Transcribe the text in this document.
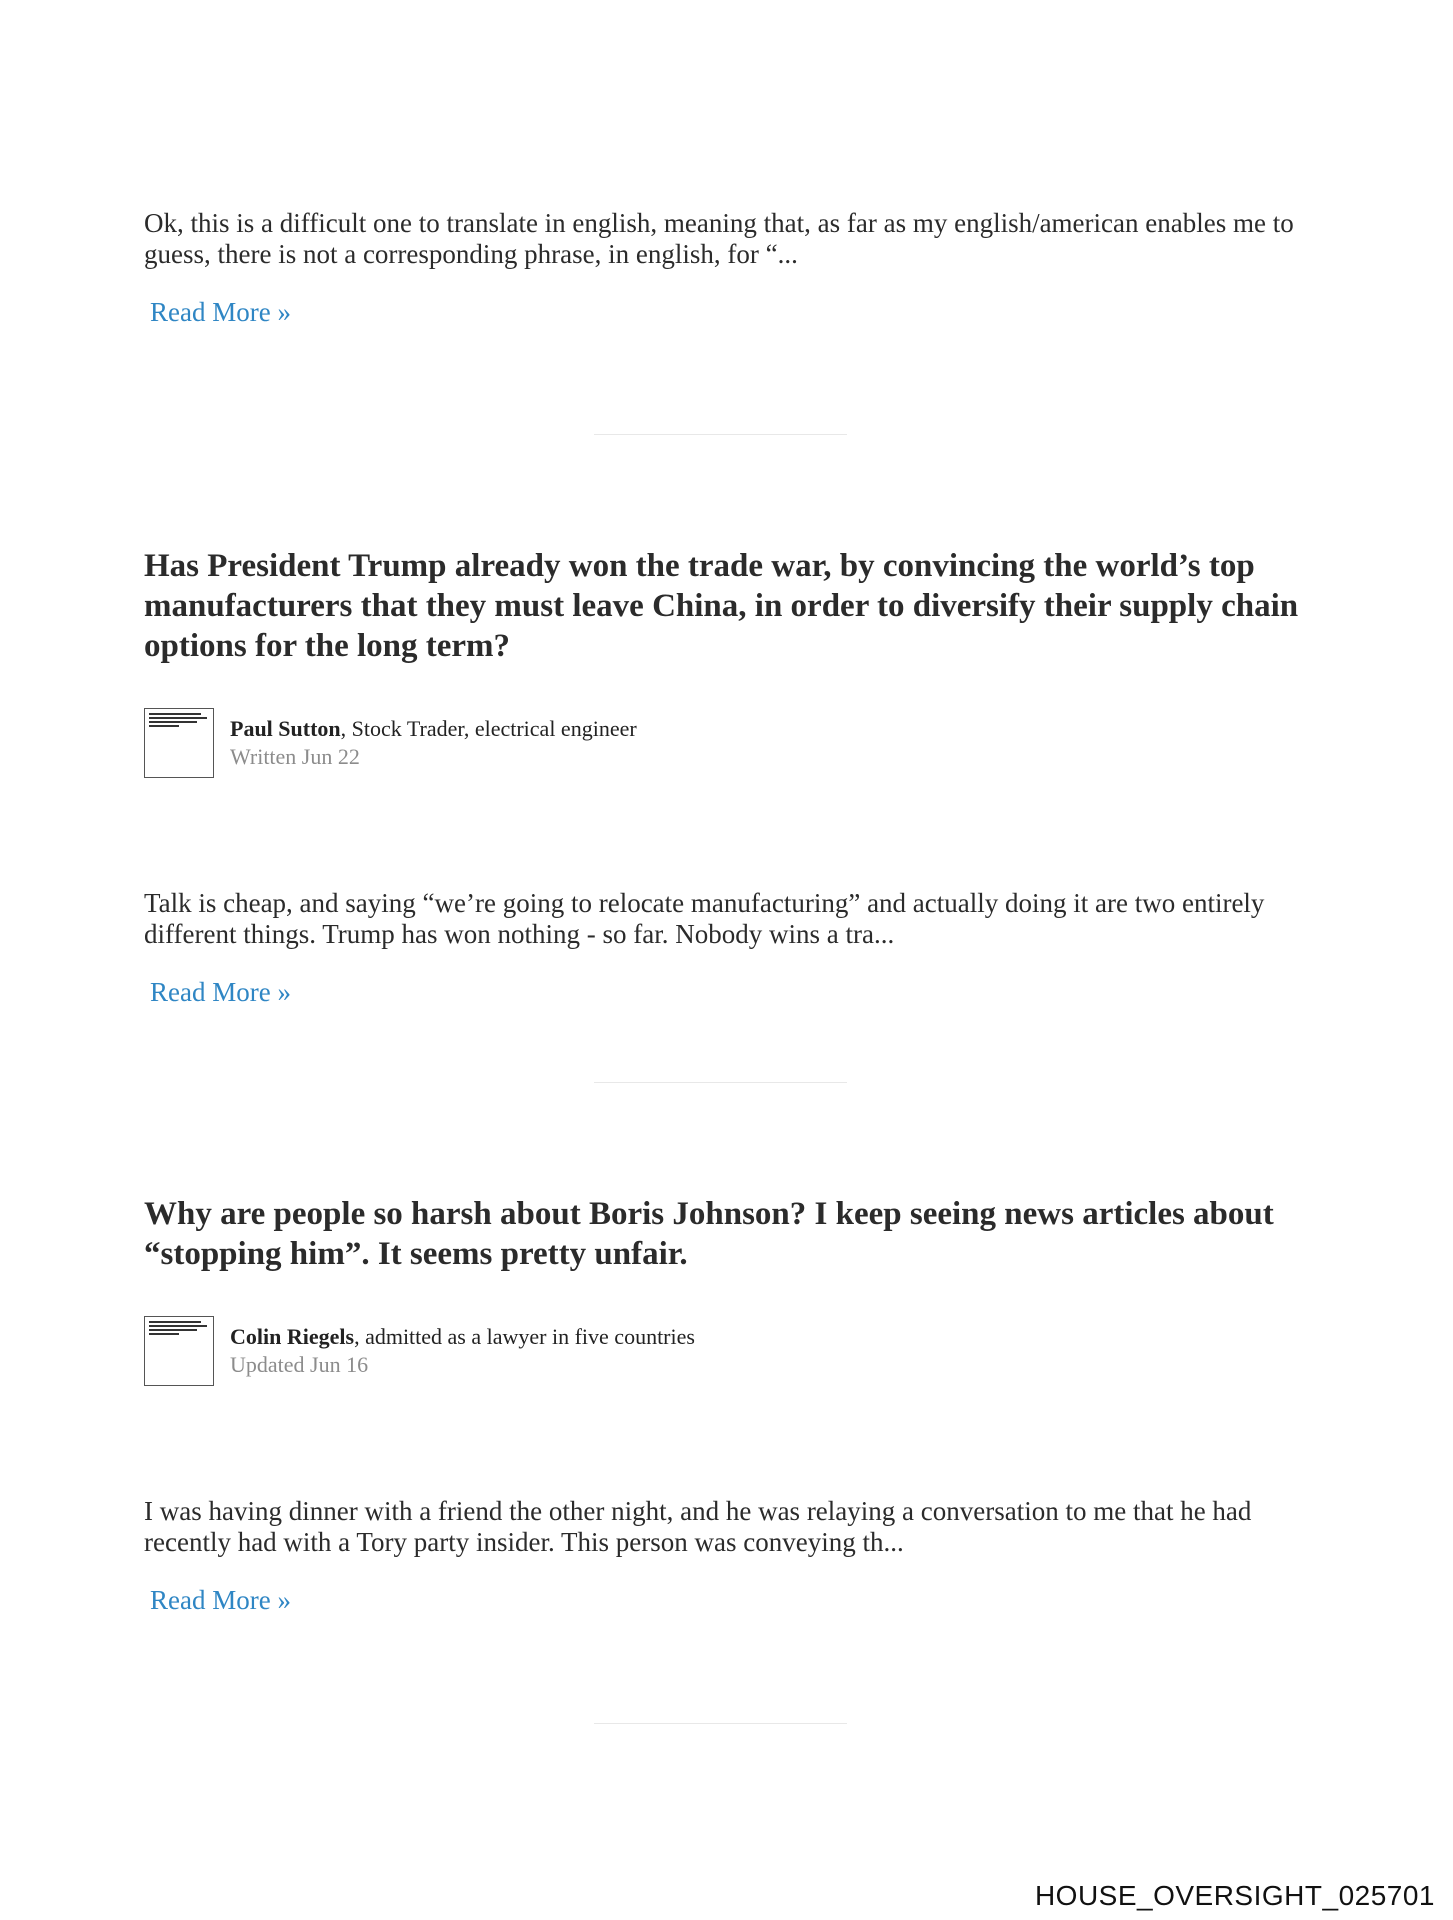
Ok, this is a difficult one to translate in english, meaning that, as far as my english/american enables me to guess, there is not a corresponding phrase, in english, for “...

Read More »
Has President Trump already won the trade war, by convincing the world’s top manufacturers that they must leave China, in order to diversify their supply chain options for the long term?
Paul Sutton, Stock Trader, electrical engineer
Written Jun 22

Talk is cheap, and saying “we’re going to relocate manufacturing” and actually doing it are two entirely different things. Trump has won nothing - so far. Nobody wins a tra...

Read More »
Why are people so harsh about Boris Johnson? I keep seeing news articles about “stopping him”. It seems pretty unfair.
Colin Riegels, admitted as a lawyer in five countries
Updated Jun 16

I was having dinner with a friend the other night, and he was relaying a conversation to me that he had recently had with a Tory party insider. This person was conveying th...

Read More »
HOUSE_OVERSIGHT_025701
